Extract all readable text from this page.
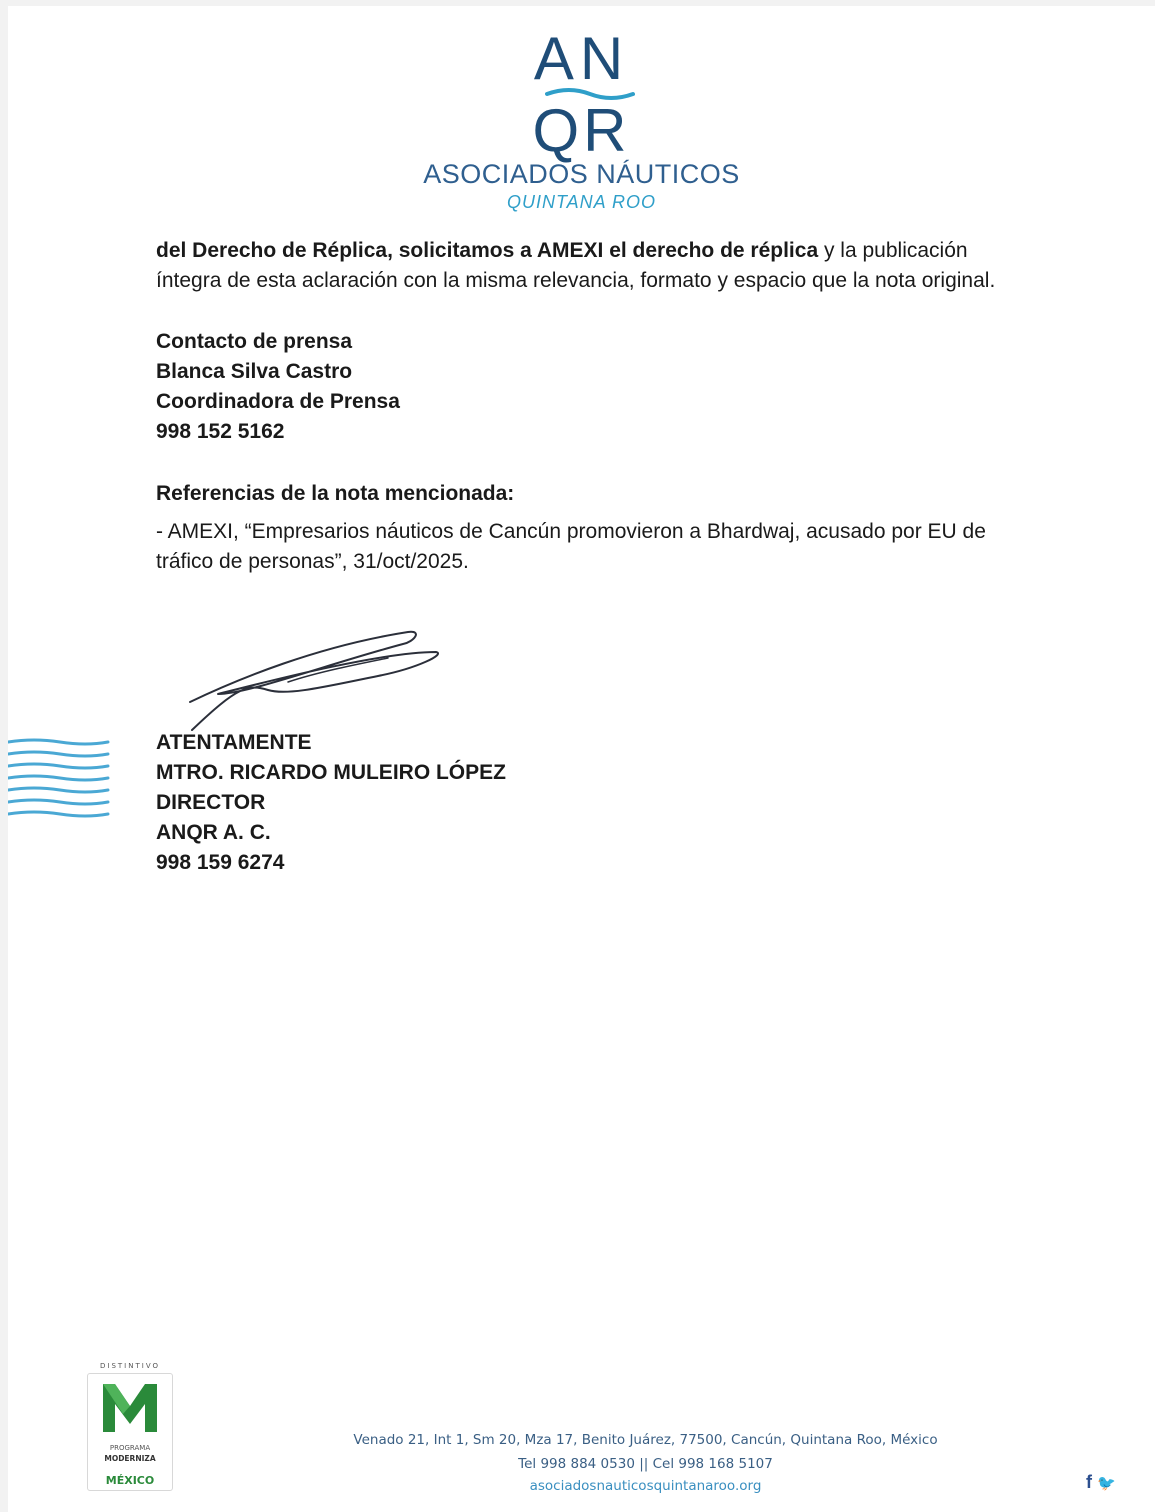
AN
QR
ASOCIADOS NÁUTICOS
QUINTANA ROO
del Derecho de Réplica, solicitamos a AMEXI el derecho de réplica y la publicación
íntegra de esta aclaración con la misma relevancia, formato y espacio que la nota original.
Contacto de prensa
Blanca Silva Castro
Coordinadora de Prensa
998 152 5162
Referencias de la nota mencionada:
- AMEXI, “Empresarios náuticos de Cancún promovieron a Bhardwaj, acusado por EU de
tráfico de personas”, 31/oct/2025.
ATENTAMENTE
MTRO. RICARDO MULEIRO LÓPEZ
DIRECTOR
ANQR A. C.
998 159 6274
DISTINTIVO
PROGRAMA
MODERNIZA
MÉXICO
Venado 21, Int 1, Sm 20, Mza 17, Benito Juárez, 77500, Cancún, Quintana Roo, México
Tel 998 884 0530 || Cel 998 168 5107
asociadosnauticosquintanaroo.org	f 🐦
